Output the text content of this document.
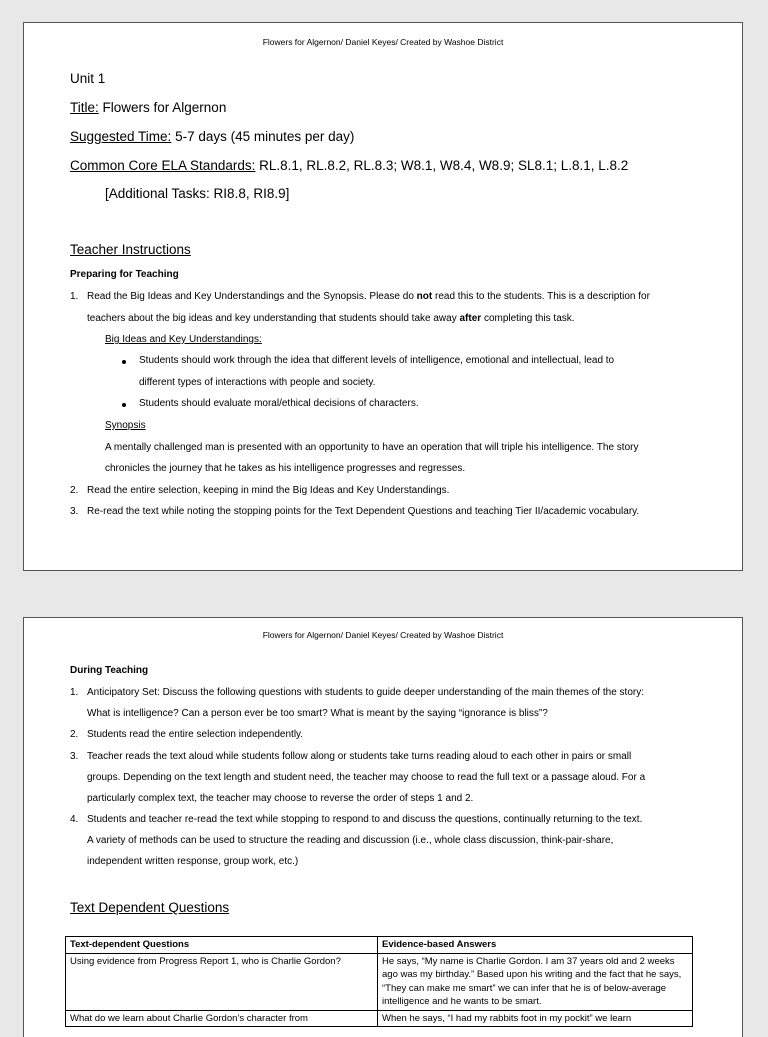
Flowers for Algernon/ Daniel Keyes/ Created by Washoe District
Unit 1
Title: Flowers for Algernon
Suggested Time: 5-7 days (45 minutes per day)
Common Core ELA Standards: RL.8.1, RL.8.2, RL.8.3; W8.1, W8.4, W8.9; SL8.1; L.8.1, L.8.2
[Additional Tasks: RI8.8, RI8.9]
Teacher Instructions
Preparing for Teaching
1. Read the Big Ideas and Key Understandings and the Synopsis. Please do not read this to the students. This is a description for
teachers about the big ideas and key understanding that students should take away after completing this task.
Big Ideas and Key Understandings:
Students should work through the idea that different levels of intelligence, emotional and intellectual, lead to
different types of interactions with people and society.
Students should evaluate moral/ethical decisions of characters.
Synopsis
A mentally challenged man is presented with an opportunity to have an operation that will triple his intelligence. The story
chronicles the journey that he takes as his intelligence progresses and regresses.
2. Read the entire selection, keeping in mind the Big Ideas and Key Understandings.
3. Re-read the text while noting the stopping points for the Text Dependent Questions and teaching Tier II/academic vocabulary.
Flowers for Algernon/ Daniel Keyes/ Created by Washoe District
During Teaching
1. Anticipatory Set: Discuss the following questions with students to guide deeper understanding of the main themes of the story:
What is intelligence? Can a person ever be too smart? What is meant by the saying “ignorance is bliss”?
2. Students read the entire selection independently.
3. Teacher reads the text aloud while students follow along or students take turns reading aloud to each other in pairs or small
groups. Depending on the text length and student need, the teacher may choose to read the full text or a passage aloud. For a
particularly complex text, the teacher may choose to reverse the order of steps 1 and 2.
4. Students and teacher re-read the text while stopping to respond to and discuss the questions, continually returning to the text.
A variety of methods can be used to structure the reading and discussion (i.e., whole class discussion, think-pair-share,
independent written response, group work, etc.)
Text Dependent Questions
Text-dependent Questions	Evidence-based Answers
Using evidence from Progress Report 1, who is Charlie Gordon?	He says, “My name is Charlie Gordon. I am 37 years old and 2 weeks ago was my birthday.” Based upon his writing and the fact that he says, “They can make me smart” we can infer that he is of below-average intelligence and he wants to be smart.
What do we learn about Charlie Gordon’s character from	When he says, “I had my rabbits foot in my pockit” we learn
